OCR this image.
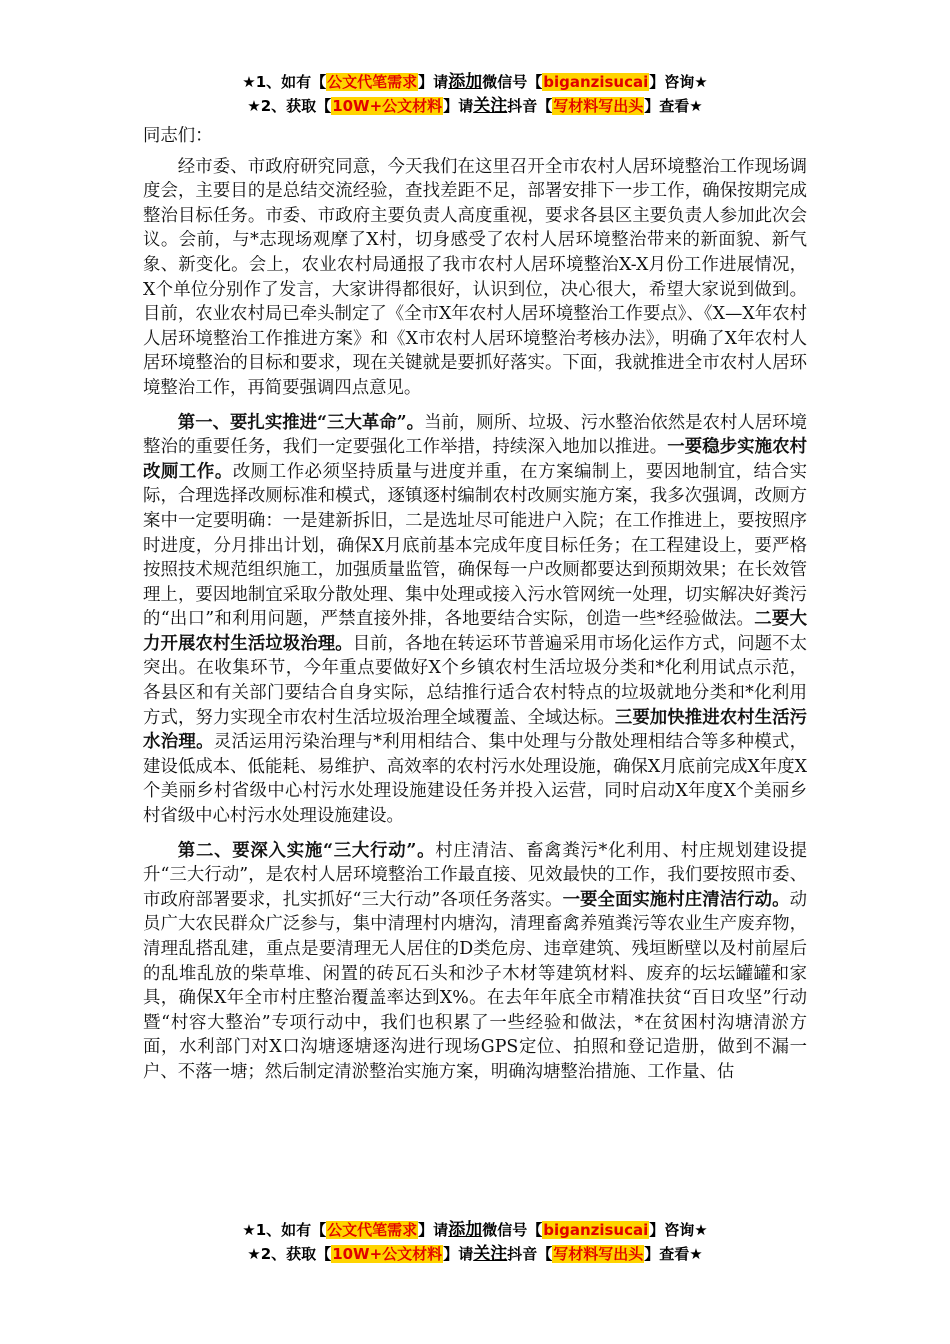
★1、如有【公文代笔需求】请添加微信号【biganzisucai】咨询★
★2、获取【10W+公文材料】请关注抖音【写材料写出头】查看★

同志们：

经市委、市政府研究同意，今天我们在这里召开全市农村人居环境整治工作现场调度会，主要目的是总结交流经验，查找差距不足，部署安排下一步工作，确保按期完成整治目标任务。市委、市政府主要负责人高度重视，要求各县区主要负责人参加此次会议。会前，与*志现场观摩了X村，切身感受了农村人居环境整治带来的新面貌、新气象、新变化。会上，农业农村局通报了我市农村人居环境整治X-X月份工作进展情况，X个单位分别作了发言，大家讲得都很好，认识到位，决心很大，希望大家说到做到。目前，农业农村局已牵头制定了《全市X年农村人居环境整治工作要点》、《X—X年农村人居环境整治工作推进方案》和《X市农村人居环境整治考核办法》，明确了X年农村人居环境整治的目标和要求，现在关键就是要抓好落实。下面，我就推进全市农村人居环境整治工作，再简要强调四点意见。

第一、要扎实推进“三大革命”。当前，厕所、垃圾、污水整治依然是农村人居环境整治的重要任务，我们一定要强化工作举措，持续深入地加以推进。一要稳步实施农村改厕工作。改厕工作必须坚持质量与进度并重，在方案编制上，要因地制宜，结合实际，合理选择改厕标准和模式，逐镇逐村编制农村改厕实施方案，我多次强调，改厕方案中一定要明确：一是建新拆旧，二是选址尽可能进户入院；在工作推进上，要按照序时进度，分月排出计划，确保X月底前基本完成年度目标任务；在工程建设上，要严格按照技术规范组织施工，加强质量监管，确保每一户改厕都要达到预期效果；在长效管理上，要因地制宜采取分散处理、集中处理或接入污水管网统一处理，切实解决好粪污的“出口”和利用问题，严禁直接外排，各地要结合实际，创造一些*经验做法。二要大力开展农村生活垃圾治理。目前，各地在转运环节普遍采用市场化运作方式，问题不太突出。在收集环节，今年重点要做好X个乡镇农村生活垃圾分类和*化利用试点示范，各县区和有关部门要结合自身实际，总结推行适合农村特点的垃圾就地分类和*化利用方式，努力实现全市农村生活垃圾治理全域覆盖、全域达标。三要加快推进农村生活污水治理。灵活运用污染治理与*利用相结合、集中处理与分散处理相结合等多种模式，建设低成本、低能耗、易维护、高效率的农村污水处理设施，确保X月底前完成X年度X个美丽乡村省级中心村污水处理设施建设任务并投入运营，同时启动X年度X个美丽乡村省级中心村污水处理设施建设。

第二、要深入实施“三大行动”。村庄清洁、畜禽粪污*化利用、村庄规划建设提升“三大行动”，是农村人居环境整治工作最直接、见效最快的工作，我们要按照市委、市政府部署要求，扎实抓好“三大行动”各项任务落实。一要全面实施村庄清洁行动。动员广大农民群众广泛参与，集中清理村内塘沟，清理畜禽养殖粪污等农业生产废弃物，清理乱搭乱建，重点是要清理无人居住的D类危房、违章建筑、残垣断壁以及村前屋后的乱堆乱放的柴草堆、闲置的砖瓦石头和沙子木材等建筑材料、废弃的坛坛罐罐和家具，确保X年全市村庄整治覆盖率达到X%。在去年年底全市精准扶贫“百日攻坚”行动暨“村容大整治”专项行动中，我们也积累了一些经验和做法，*在贫困村沟塘清淤方面，水利部门对X口沟塘逐塘逐沟进行现场GPS定位、拍照和登记造册，做到不漏一户、不落一塘；然后制定清淤整治实施方案，明确沟塘整治措施、工作量、估

★1、如有【公文代笔需求】请添加微信号【biganzisucai】咨询★
★2、获取【10W+公文材料】请关注抖音【写材料写出头】查看★
